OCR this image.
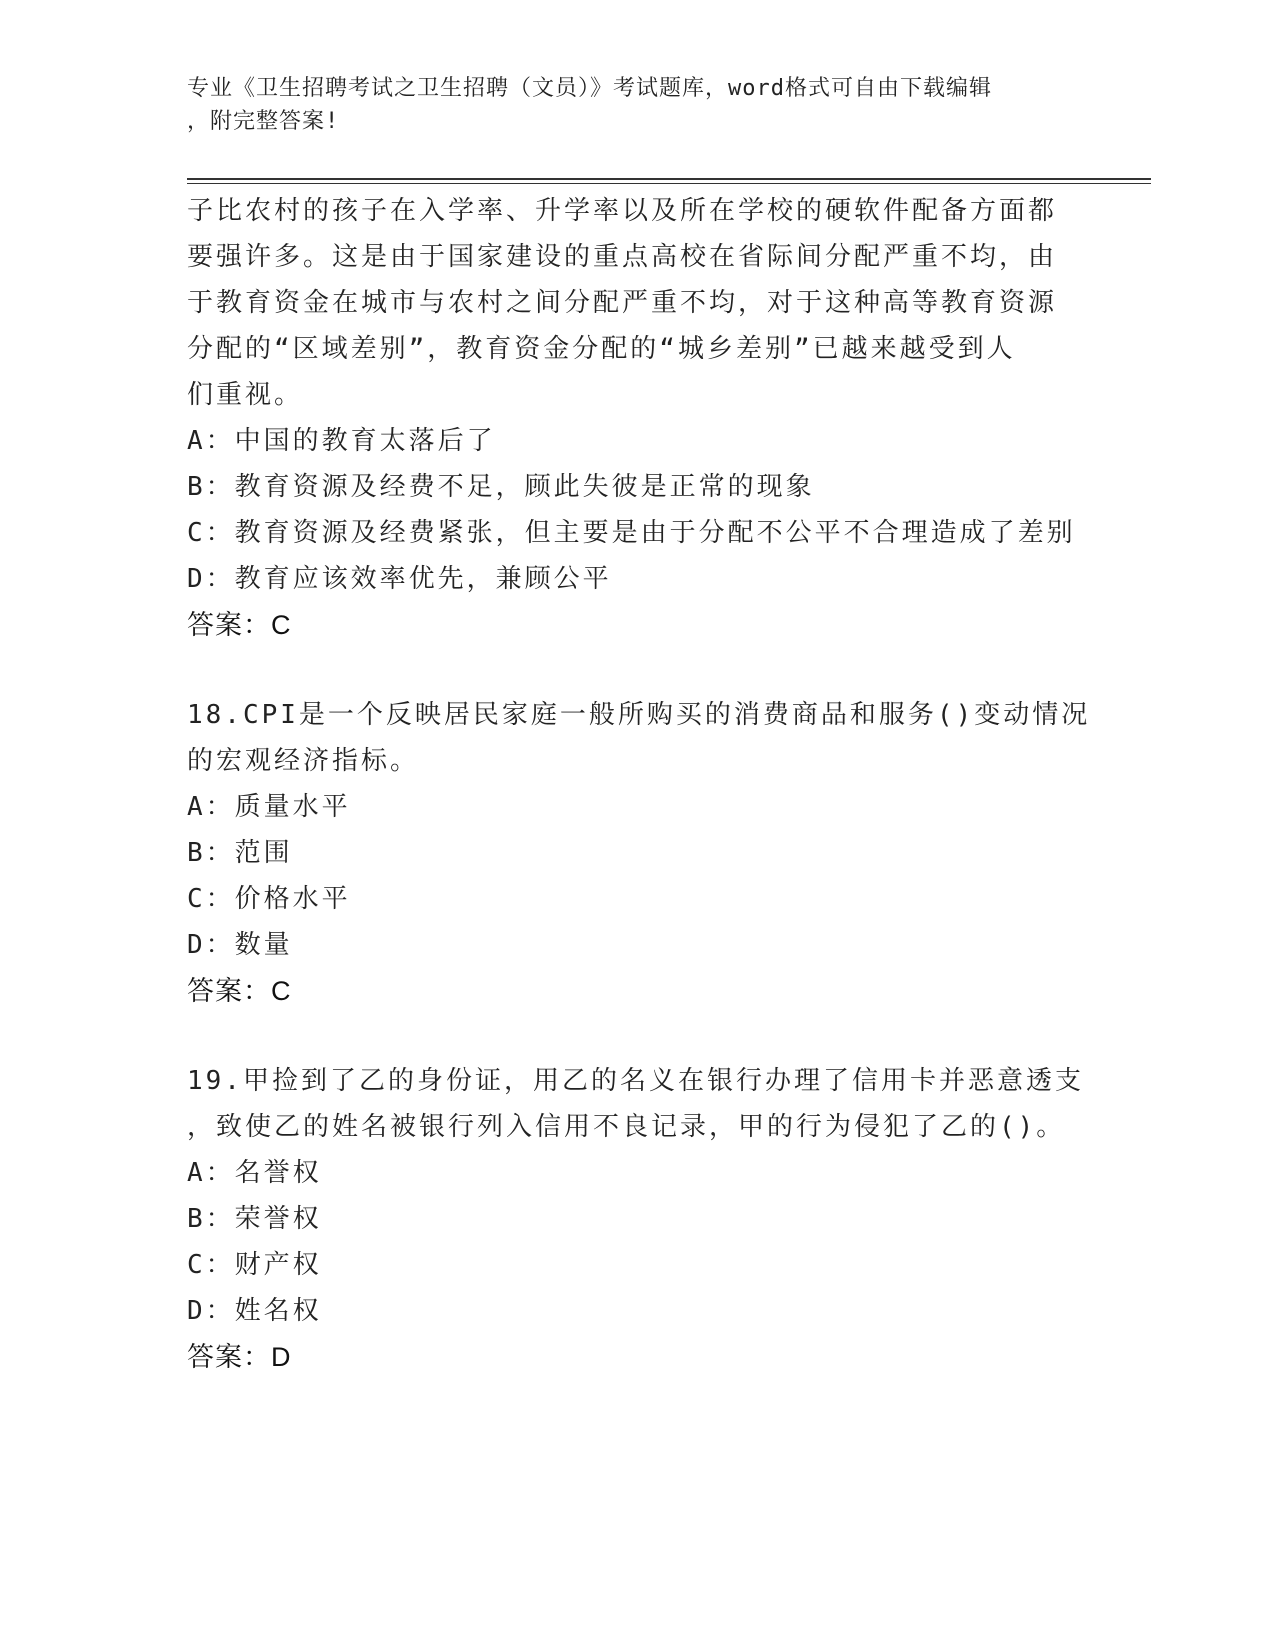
专业《卫生招聘考试之卫生招聘（文员）》考试题库，word格式可自由下载编辑
，附完整答案!
子比农村的孩子在入学率、升学率以及所在学校的硬软件配备方面都
要强许多。这是由于国家建设的重点高校在省际间分配严重不均，由
于教育资金在城市与农村之间分配严重不均，对于这种高等教育资源
分配的“区域差别”，教育资金分配的“城乡差别”已越来越受到人
们重视。
A：中国的教育太落后了
B：教育资源及经费不足，顾此失彼是正常的现象
C：教育资源及经费紧张，但主要是由于分配不公平不合理造成了差别
D：教育应该效率优先，兼顾公平
答案：C
18.CPI是一个反映居民家庭一般所购买的消费商品和服务()变动情况
的宏观经济指标。
A：质量水平
B：范围
C：价格水平
D：数量
答案：C
19.甲捡到了乙的身份证，用乙的名义在银行办理了信用卡并恶意透支
，致使乙的姓名被银行列入信用不良记录，甲的行为侵犯了乙的()。
A：名誉权
B：荣誉权
C：财产权
D：姓名权
答案：D
